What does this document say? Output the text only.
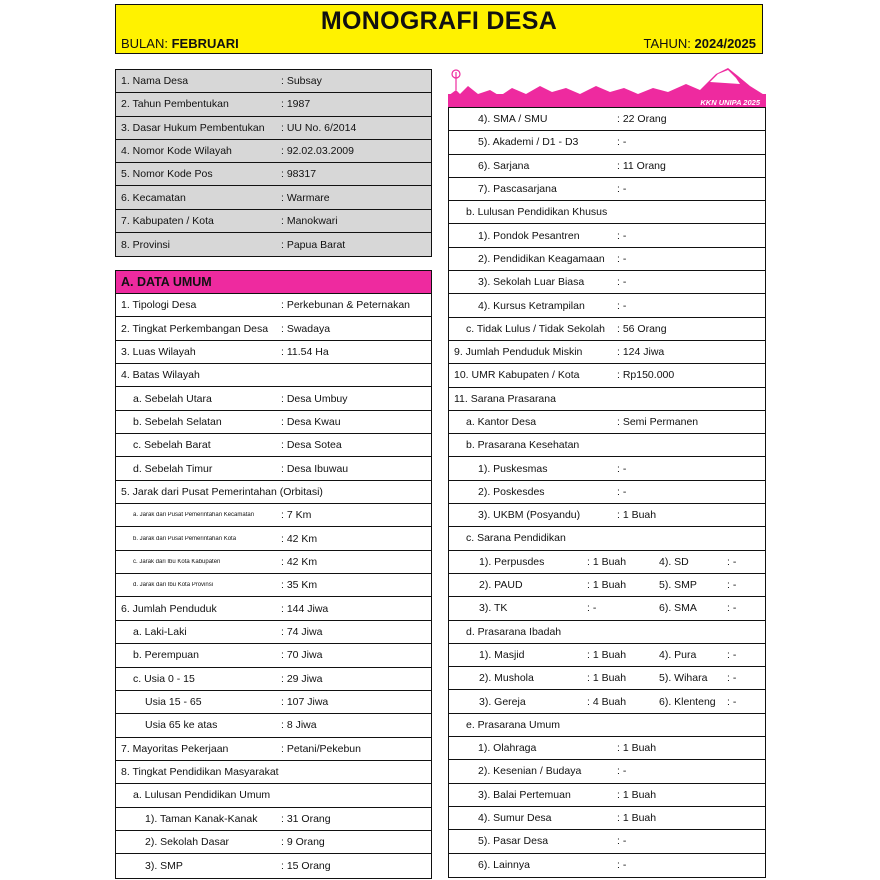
MONOGRAFI DESA
BULAN: FEBRUARI	TAHUN: 2024/2025
1. Nama Desa	: Subsay
2. Tahun Pembentukan	: 1987
3. Dasar Hukum Pembentukan	: UU No. 6/2014
4. Nomor Kode Wilayah	: 92.02.03.2009
5. Nomor Kode Pos	: 98317
6. Kecamatan	: Warmare
7. Kabupaten / Kota	: Manokwari
8. Provinsi	: Papua Barat
A. DATA UMUM
1. Tipologi Desa	: Perkebunan & Peternakan
2. Tingkat Perkembangan Desa	: Swadaya
3. Luas Wilayah	: 11.54 Ha
4. Batas Wilayah
a. Sebelah Utara	: Desa Umbuy
b. Sebelah Selatan	: Desa Kwau
c. Sebelah Barat	: Desa Sotea
d. Sebelah Timur	: Desa Ibuwau
5. Jarak dari Pusat Pemerintahan (Orbitasi)
a. Jarak dari Pusat Pemerintahan Kecamatan	: 7 Km
b. Jarak dari Pusat Pemerintahan Kota	: 42 Km
c. Jarak dari Ibu Kota Kabupaten	: 42 Km
d. Jarak dari Ibu Kota Provinsi	: 35 Km
6. Jumlah Penduduk	: 144 Jiwa
a. Laki-Laki	: 74 Jiwa
b. Perempuan	: 70 Jiwa
c. Usia 0 - 15	: 29 Jiwa
Usia 15 - 65	: 107 Jiwa
Usia 65 ke atas	: 8 Jiwa
7. Mayoritas Pekerjaan	: Petani/Pekebun
8. Tingkat Pendidikan Masyarakat
a. Lulusan Pendidikan Umum
1). Taman Kanak-Kanak	: 31 Orang
2). Sekolah Dasar	: 9 Orang
3). SMP	: 15 Orang
KKN UNIPA 2025
4). SMA / SMU	: 22 Orang
5). Akademi / D1 - D3	: -
6). Sarjana	: 11 Orang
7). Pascasarjana	: -
b. Lulusan Pendidikan Khusus
1). Pondok Pesantren	: -
2). Pendidikan Keagamaan	: -
3). Sekolah Luar Biasa	: -
4). Kursus Ketrampilan	: -
c. Tidak Lulus / Tidak Sekolah	: 56 Orang
9. Jumlah Penduduk Miskin	: 124 Jiwa
10. UMR Kabupaten / Kota	: Rp150.000
11. Sarana Prasarana
a. Kantor Desa	: Semi Permanen
b. Prasarana Kesehatan
1). Puskesmas	: -
2). Poskesdes	: -
3). UKBM (Posyandu)	: 1 Buah
c. Sarana Pendidikan
1). Perpusdes	: 1 Buah	4). SD	: -
2). PAUD	: 1 Buah	5). SMP	: -
3). TK	: -	6). SMA	: -
d. Prasarana Ibadah
1). Masjid	: 1 Buah	4). Pura	: -
2). Mushola	: 1 Buah	5). Wihara	: -
3). Gereja	: 4 Buah	6). Klenteng	: -
e. Prasarana Umum
1). Olahraga	: 1 Buah
2). Kesenian / Budaya	: -
3). Balai Pertemuan	: 1 Buah
4). Sumur Desa	: 1 Buah
5). Pasar Desa	: -
6). Lainnya	: -
